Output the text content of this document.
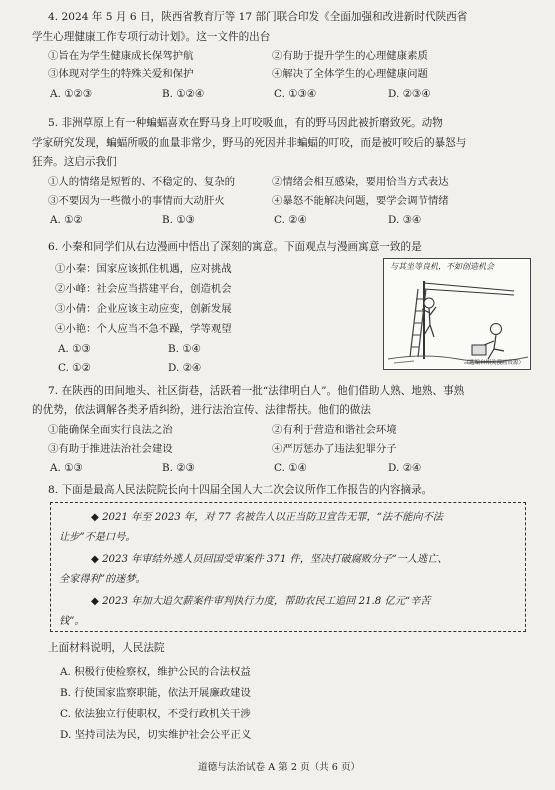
4. 2024 年 5 月 6 日，陕西省教育厅等 17 部门联合印发《全面加强和改进新时代陕西省
学生心理健康工作专项行动计划》。这一文件的出台
①旨在为学生健康成长保驾护航	②有助于提升学生的心理健康素质
③体现对学生的特殊关爱和保护	④解决了全体学生的心理健康问题
A. ①②③	B. ①②④	C. ①③④	D. ②③④
5. 非洲草原上有一种蝙蝠喜欢在野马身上叮咬吸血，有的野马因此被折磨致死。动物
学家研究发现，蝙蝠所吸的血量非常少，野马的死因并非蝙蝠的叮咬，而是被叮咬后的暴怒与
狂奔。这启示我们
①人的情绪是短暂的、不稳定的、复杂的	②情绪会相互感染，要用恰当方式表达
③不要因为一些微小的事情而大动肝火	④暴怒不能解决问题，要学会调节情绪
A. ①②	B. ①③	C. ②④	D. ③④
6. 小秦和同学们从右边漫画中悟出了深刻的寓意。下面观点与漫画寓意一致的是
①小秦：国家应该抓住机遇，应对挑战
②小峰：社会应当搭建平台，创造机会
③小倩：企业应该主动应变，创新发展
④小艳：个人应当不急不躁，学等观望
A. ①③	B. ①④
C. ①②	D. ②④
与其坐等良机，不如创造机会
（选编自相关漫画资源）
7. 在陕西的田间地头、社区街巷，活跃着一批“法律明白人”。他们借助人熟、地熟、事熟
的优势，依法调解各类矛盾纠纷，进行法治宣传、法律帮扶。他们的做法
①能确保全面实行良法之治	②有利于营造和谐社会环境
③有助于推进法治社会建设	④严厉惩办了违法犯罪分子
A. ①③	B. ②③	C. ①④	D. ②④
8. 下面是最高人民法院院长向十四届全国人大二次会议所作工作报告的内容摘录。
◆ 2021 年至 2023 年，对 77 名被告人以正当防卫宣告无罪，“法不能向不法
让步”不是口号。
◆ 2023 年审结外逃人员回国受审案件 371 件，坚决打破腐败分子“一人逃亡、
全家得利”的迷梦。
◆ 2023 年加大追欠薪案件审判执行力度，帮助农民工追回 21.8 亿元“辛苦
钱”。
上面材料说明，人民法院
A. 积极行使检察权，维护公民的合法权益
B. 行使国家监察职能，依法开展廉政建设
C. 依法独立行使职权，不受行政机关干涉
D. 坚持司法为民，切实维护社会公平正义
道德与法治试卷 A 第 2 页（共 6 页）
